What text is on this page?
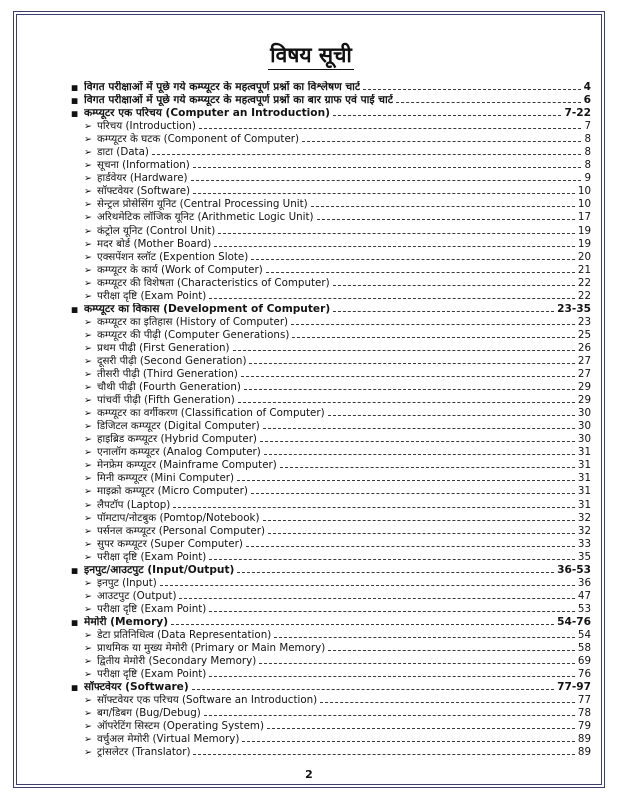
विषय सूची
■ विगत परीक्षाओं में पूछे गये कम्प्यूटर के महत्वपूर्ण प्रश्नों का विश्लेषण चार्ट	4
■ विगत परीक्षाओं में पूछे गये कम्प्यूटर के महत्वपूर्ण प्रश्नों का बार ग्राफ एवं पाई चार्ट	6
■ कम्प्यूटर एक परिचय (Computer an Introduction)	7-22
➢ परिचय (Introduction)	7
➢ कम्प्यूटर के घटक (Component of Computer)	8
➢ डाटा (Data)	8
➢ सूचना (Information)	8
➢ हार्डवेयर (Hardware)	9
➢ सॉफ्टवेयर (Software)	10
➢ सेन्ट्रल प्रोसेसिंग यूनिट (Central Processing Unit)	10
➢ अरिथमेटिक लॉजिक यूनिट (Arithmetic Logic Unit)	17
➢ कंट्रोल यूनिट (Control Unit)	19
➢ मदर बोर्ड (Mother Board)	19
➢ एक्सपेंशन स्लॉट (Expention Slote)	20
➢ कम्प्यूटर के कार्य (Work of Computer)	21
➢ कम्प्यूटर की विशेषता (Characteristics of Computer)	22
➢ परीक्षा दृष्टि (Exam Point)	22
■ कम्प्यूटर का विकास (Development of Computer)	23-35
➢ कम्प्यूटर का इतिहास (History of Computer)	23
➢ कम्प्यूटर की पीढ़ी (Computer Generations)	25
➢ प्रथम पीढ़ी (First Generation)	26
➢ दूसरी पीढ़ी (Second Generation)	27
➢ तीसरी पीढ़ी (Third Generation)	27
➢ चौथी पीढ़ी (Fourth Generation)	29
➢ पांचवीं पीढ़ी (Fifth Generation)	29
➢ कम्प्यूटर का वर्गीकरण (Classification of Computer)	30
➢ डिजिटल कम्प्यूटर (Digital Computer)	30
➢ हाइब्रिड कम्प्यूटर (Hybrid Computer)	30
➢ एनालॉग कम्प्यूटर (Analog Computer)	31
➢ मेनफ्रेम कम्प्यूटर (Mainframe Computer)	31
➢ मिनी कम्प्यूटर (Mini Computer)	31
➢ माइक्रो कम्प्यूटर (Micro Computer)	31
➢ लैपटॉप (Laptop)	31
➢ पॉमटाप/नोटबुक (Pomtop/Notebook)	32
➢ पर्सनल कम्प्यूटर (Personal Computer)	32
➢ सुपर कम्प्यूटर (Super Computer)	33
➢ परीक्षा दृष्टि (Exam Point)	35
■ इनपुट/आउटपुट (Input/Output)	36-53
➢ इनपुट (Input)	36
➢ आउटपुट (Output)	47
➢ परीक्षा दृष्टि (Exam Point)	53
■ मेमोरी (Memory)	54-76
➢ डेटा प्रतिनिधित्व (Data Representation)	54
➢ प्राथमिक या मुख्य मेमोरी (Primary or Main Memory)	58
➢ द्वितीय मेमोरी (Secondary Memory)	69
➢ परीक्षा दृष्टि (Exam Point)	76
■ सॉफ्टवेयर (Software)	77-97
➢ सॉफ्टवेयर एक परिचय (Software an Introduction)	77
➢ बग/डिबग (Bug/Debug)	78
➢ ऑपरेटिंग सिस्टम (Operating System)	79
➢ वर्चुअल मेमोरी (Virtual Memory)	89
➢ ट्रांसलेटर (Translator)	89
2
